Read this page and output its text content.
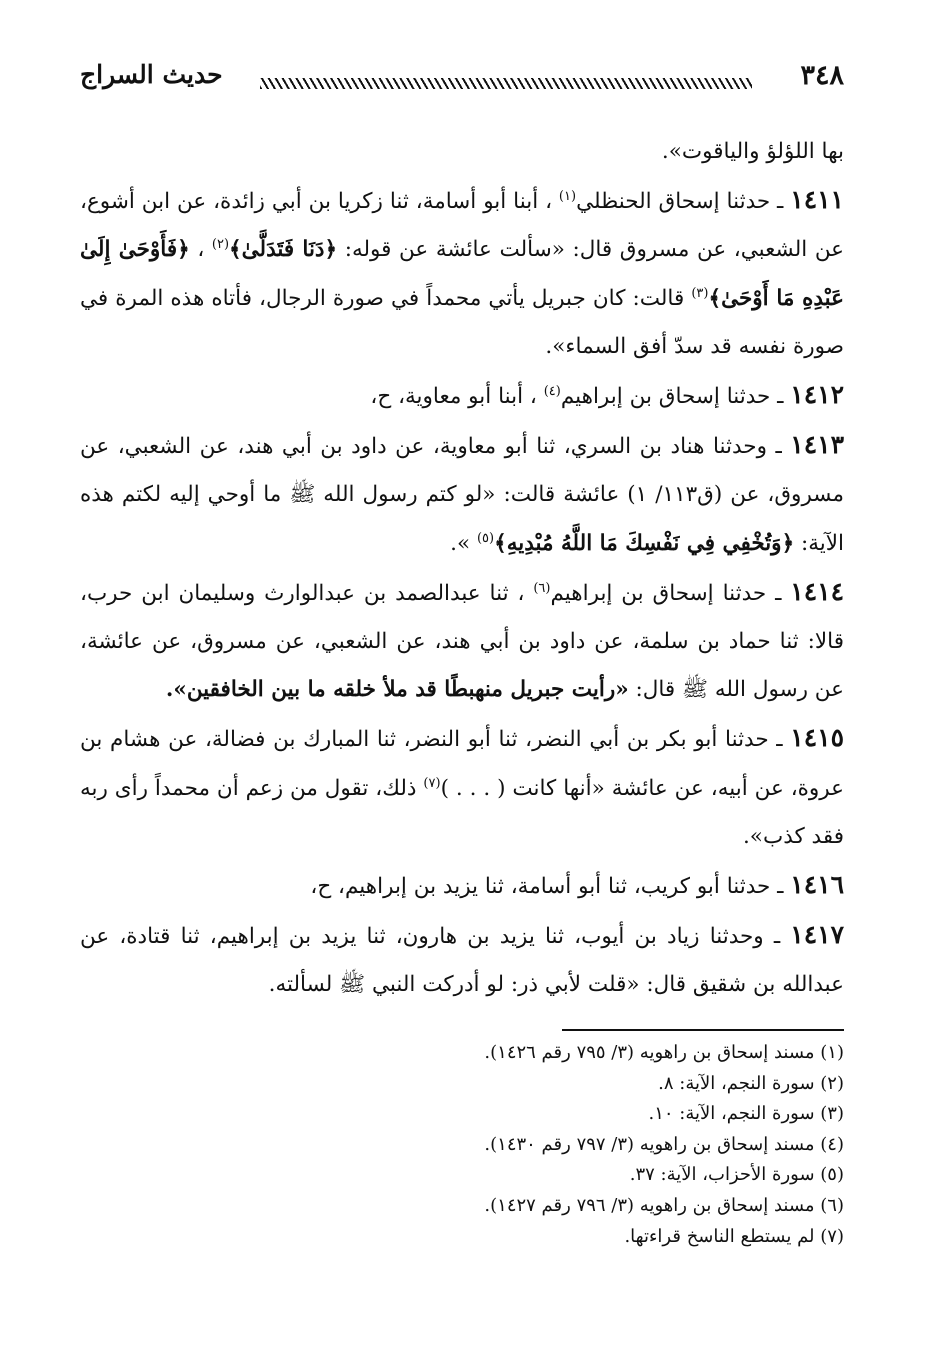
٣٤٨
حديث السراج

بها اللؤلؤ والياقوت».

١٤١١ ـ حدثنا إسحاق الحنظلي$^{(١)}$ ، أبنا أبو أسامة، ثنا زكريا بن أبي زائدة، عن ابن أشوع، عن الشعبي، عن مسروق قال: «سألت عائشة عن قوله: ﴿دَنَا فَتَدَلَّىٰ﴾$^{(٢)}$ ، ﴿فَأَوْحَىٰ إِلَىٰ عَبْدِهِ مَا أَوْحَىٰ﴾$^{(٣)}$ قالت: كان جبريل يأتي محمداً في صورة الرجال، فأتاه هذه المرة في صورة نفسه قد سدّ أفق السماء».

١٤١٢ ـ حدثنا إسحاق بن إبراهيم$^{(٤)}$ ، أبنا أبو معاوية، ح،

١٤١٣ ـ وحدثنا هناد بن السري، ثنا أبو معاوية، عن داود بن أبي هند، عن الشعبي، عن مسروق، عن (ق١١٣/ ١) عائشة قالت: «لو كتم رسول الله ﷺ ما أوحي إليه لكتم هذه الآية: ﴿وَتُخْفِي فِي نَفْسِكَ مَا اللَّهُ مُبْدِيهِ﴾$^{(٥)}$ ».

١٤١٤ ـ حدثنا إسحاق بن إبراهيم$^{(٦)}$ ، ثنا عبدالصمد بن عبدالوارث وسليمان ابن حرب، قالا: ثنا حماد بن سلمة، عن داود بن أبي هند، عن الشعبي، عن مسروق، عن عائشة، عن رسول الله ﷺ قال: «رأيت جبريل منهبطًا قد ملأ خلقه ما بين الخافقين».

١٤١٥ ـ حدثنا أبو بكر بن أبي النضر، ثنا أبو النضر، ثنا المبارك بن فضالة، عن هشام بن عروة، عن أبيه، عن عائشة «أنها كانت ( . . . )$^{(٧)}$ ذلك، تقول من زعم أن محمداً رأى ربه فقد كذب».

١٤١٦ ـ حدثنا أبو كريب، ثنا أبو أسامة، ثنا يزيد بن إبراهيم، ح،

١٤١٧ ـ وحدثنا زياد بن أيوب، ثنا يزيد بن هارون، ثنا يزيد بن إبراهيم، ثنا قتادة، عن عبدالله بن شقيق قال: «قلت لأبي ذر: لو أدركت النبي ﷺ لسألته.

(١) مسند إسحاق بن راهويه (٣/ ٧٩٥ رقم ١٤٢٦).
(٢) سورة النجم، الآية: ٨.
(٣) سورة النجم، الآية: ١٠.
(٤) مسند إسحاق بن راهويه (٣/ ٧٩٧ رقم ١٤٣٠).
(٥) سورة الأحزاب، الآية: ٣٧.
(٦) مسند إسحاق بن راهويه (٣/ ٧٩٦ رقم ١٤٢٧).
(٧) لم يستطع الناسخ قراءتها.
